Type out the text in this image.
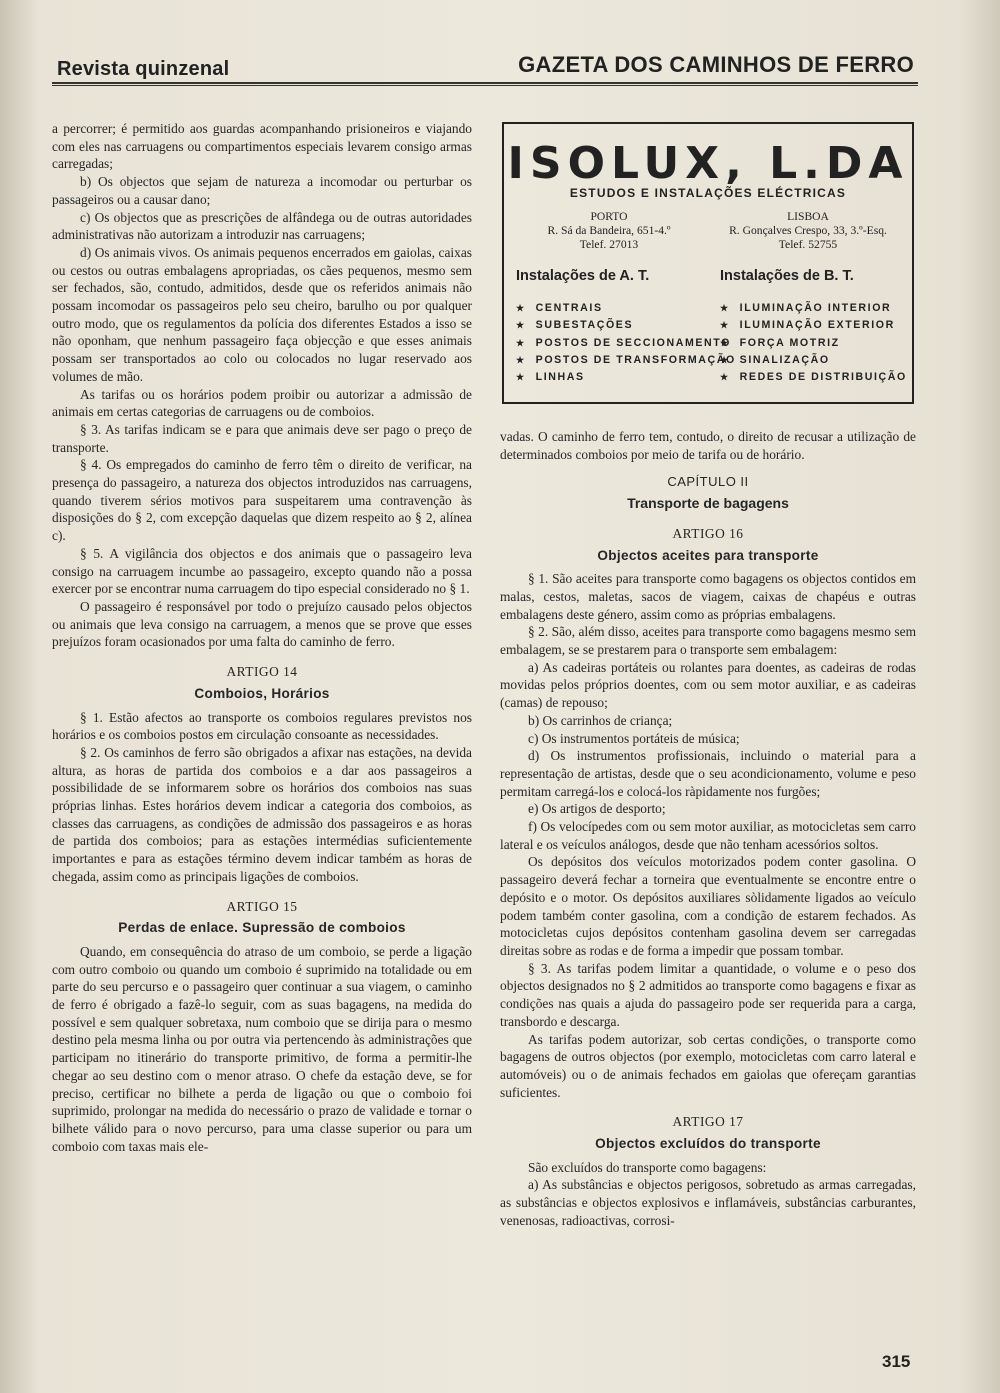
Revista quinzenal	GAZETA DOS CAMINHOS DE FERRO

a percorrer; é permitido aos guardas acompanhando prisioneiros e viajando com eles nas carruagens ou compartimentos especiais levarem consigo armas carregadas;

b) Os objectos que sejam de natureza a incomodar ou perturbar os passageiros ou a causar dano;

c) Os objectos que as prescrições de alfândega ou de outras autoridades administrativas não autorizam a introduzir nas carruagens;

d) Os animais vivos. Os animais pequenos encerrados em gaiolas, caixas ou cestos ou outras embalagens apropriadas, os cães pequenos, mesmo sem ser fechados, são, contudo, admitidos, desde que os referidos animais não possam incomodar os passageiros pelo seu cheiro, barulho ou por qualquer outro modo, que os regulamentos da polícia dos diferentes Estados a isso se não oponham, que nenhum passageiro faça objecção e que esses animais possam ser transportados ao colo ou colocados no lugar reservado aos volumes de mão.

As tarifas ou os horários podem proibir ou autorizar a admissão de animais em certas categorias de carruagens ou de comboios.

§ 3. As tarifas indicam se e para que animais deve ser pago o preço de transporte.

§ 4. Os empregados do caminho de ferro têm o direito de verificar, na presença do passageiro, a natureza dos objectos introduzidos nas carruagens, quando tiverem sérios motivos para suspeitarem uma contravenção às disposições do § 2, com excepção daquelas que dizem respeito ao § 2, alínea c).

§ 5. A vigilância dos objectos e dos animais que o passageiro leva consigo na carruagem incumbe ao passageiro, excepto quando não a possa exercer por se encontrar numa carruagem do tipo especial considerado no § 1.

O passageiro é responsável por todo o prejuízo causado pelos objectos ou animais que leva consigo na carruagem, a menos que se prove que esses prejuízos foram ocasionados por uma falta do caminho de ferro.

ARTIGO 14
Comboios, Horários

§ 1. Estão afectos ao transporte os comboios regulares previstos nos horários e os comboios postos em circulação consoante as necessidades.

§ 2. Os caminhos de ferro são obrigados a afixar nas estações, na devida altura, as horas de partida dos comboios e a dar aos passageiros a possibilidade de se informarem sobre os horários dos comboios nas suas próprias linhas. Estes horários devem indicar a categoria dos comboios, as classes das carruagens, as condições de admissão dos passageiros e as horas de partida dos comboios; para as estações intermédias suficientemente importantes e para as estações término devem indicar também as horas de chegada, assim como as principais ligações de comboios.

ARTIGO 15
Perdas de enlace. Supressão de comboios

Quando, em consequência do atraso de um comboio, se perde a ligação com outro comboio ou quando um comboio é suprimido na totalidade ou em parte do seu percurso e o passageiro quer continuar a sua viagem, o caminho de ferro é obrigado a fazê-lo seguir, com as suas bagagens, na medida do possível e sem qualquer sobretaxa, num comboio que se dirija para o mesmo destino pela mesma linha ou por outra via pertencendo às administrações que participam no itinerário do transporte primitivo, de forma a permitir-lhe chegar ao seu destino com o menor atraso. O chefe da estação deve, se for preciso, certificar no bilhete a perda de ligação ou que o comboio foi suprimido, prolongar na medida do necessário o prazo de validade e tornar o bilhete válido para o novo percurso, para uma classe superior ou para um comboio com taxas mais ele-

ISOLUX, L.DA
ESTUDOS E INSTALAÇÕES ELÉCTRICAS
PORTO
R. Sá da Bandeira, 651-4.º
Telef. 27013
LISBOA
R. Gonçalves Crespo, 33, 3.º-Esq.
Telef. 52755
Instalações de A. T.	Instalações de B. T.
★ CENTRAIS
★ SUBESTAÇÕES
★ POSTOS DE SECCIONAMENTO
★ POSTOS DE TRANSFORMAÇÃO
★ LINHAS
★ ILUMINAÇÃO INTERIOR
★ ILUMINAÇÃO EXTERIOR
★ FORÇA MOTRIZ
★ SINALIZAÇÃO
★ REDES DE DISTRIBUIÇÃO

vadas. O caminho de ferro tem, contudo, o direito de recusar a utilização de determinados comboios por meio de tarifa ou de horário.

CAPÍTULO II
Transporte de bagagens
ARTIGO 16
Objectos aceites para transporte

§ 1. São aceites para transporte como bagagens os objectos contidos em malas, cestos, maletas, sacos de viagem, caixas de chapéus e outras embalagens deste género, assim como as próprias embalagens.

§ 2. São, além disso, aceites para transporte como bagagens mesmo sem embalagem, se se prestarem para o transporte sem embalagem:

a) As cadeiras portáteis ou rolantes para doentes, as cadeiras de rodas movidas pelos próprios doentes, com ou sem motor auxiliar, e as cadeiras (camas) de repouso;

b) Os carrinhos de criança;

c) Os instrumentos portáteis de música;

d) Os instrumentos profissionais, incluindo o material para a representação de artistas, desde que o seu acondicionamento, volume e peso permitam carregá-los e colocá-los ràpidamente nos furgões;

e) Os artigos de desporto;

f) Os velocípedes com ou sem motor auxiliar, as motocicletas sem carro lateral e os veículos análogos, desde que não tenham acessórios soltos.

Os depósitos dos veículos motorizados podem conter gasolina. O passageiro deverá fechar a torneira que eventualmente se encontre entre o depósito e o motor. Os depósitos auxiliares sòlidamente ligados ao veículo podem também conter gasolina, com a condição de estarem fechados. As motocicletas cujos depósitos contenham gasolina devem ser carregadas direitas sobre as rodas e de forma a impedir que possam tombar.

§ 3. As tarifas podem limitar a quantidade, o volume e o peso dos objectos designados no § 2 admitidos ao transporte como bagagens e fixar as condições nas quais a ajuda do passageiro pode ser requerida para a carga, transbordo e descarga.

As tarifas podem autorizar, sob certas condições, o transporte como bagagens de outros objectos (por exemplo, motocicletas com carro lateral e automóveis) ou o de animais fechados em gaiolas que ofereçam garantias suficientes.

ARTIGO 17
Objectos excluídos do transporte

São excluídos do transporte como bagagens:

a) As substâncias e objectos perigosos, sobretudo as armas carregadas, as substâncias e objectos explosivos e inflamáveis, substâncias carburantes, venenosas, radioactivas, corrosi-

315
